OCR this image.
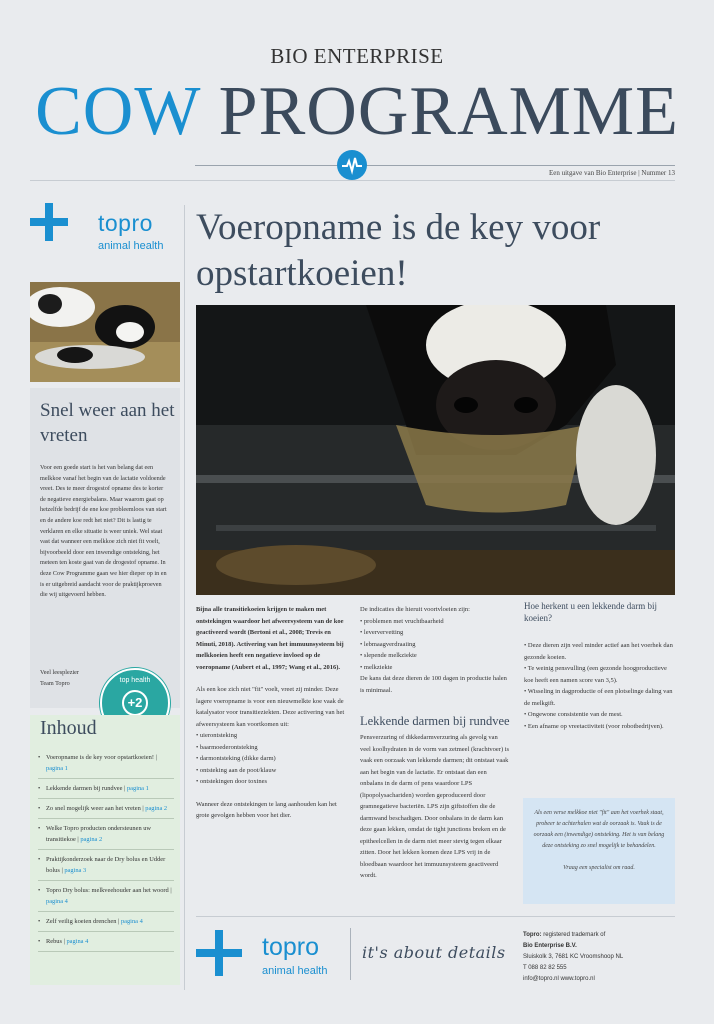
BIO ENTERPRISE
COW PROGRAMME
Een uitgave van Bio Enterprise | Nummer 13
topro
animal health
Snel weer aan het vreten
Voor een goede start is het van belang dat een melkkoe vanaf het begin van de lactatie voldoende vreet. Des te meer drogestof opname des te korter de negatieve energiebalans. Maar waarom gaat op hetzelfde bedrijf de ene koe probleemloos van start en de andere koe redt het niet? Dit is lastig te verklaren en elke situatie is weer uniek. Wel staat vast dat wanneer een melkkoe zich niet fit voelt, bijvoorbeeld door een inwendige ontsteking, het meteen ten koste gaat van de drogestof opname. In deze Cow Programme gaan we hier dieper op in en is er uitgebreid aandacht voor de praktijkproeven die wij uitgevoerd hebben.
Veel leesplezier
Team Topro	top health
+2
Inhoud
• Voeropname is de key voor opstartkoeien! | pagina 1
• Lekkende darmen bij rundvee | pagina 1
• Zo snel mogelijk weer aan het vreten | pagina 2
• Welke Topro producten ondersteunen uw transitiekoe | pagina 2
• Praktijkonderzoek naar de Dry bolus en Udder bolus | pagina 3
• Topro Dry bolus: melkveehouder aan het woord | pagina 4
• Zelf veilig koeien drenchen | pagina 4
• Rebus | pagina 4
Voeropname is de key voor opstartkoeien!
Bijna alle transitiekoeien krijgen te maken met ontstekingen waardoor het afweersysteem van de koe geactiveerd wordt (Bertoni et al., 2008; Trevis en Minuti, 2018). Activering van het immuunsysteem bij melkkoeien heeft een negatieve invloed op de voeropname (Aubert et al., 1997; Wang et al., 2016).
Als een koe zich niet "fit" voelt, vreet zij minder. Deze lagere voeropname is voor een nieuwmelkte koe vaak de katalysator voor transitieziekten. Deze activering van het afweersysteem kan voortkomen uit:
• uierontsteking
• baarmoederontsteking
• darmontsteking (dikke darm)
• ontsteking aan de poot/klauw
• ontstekingen door toxines
Wanneer deze ontstekingen te lang aanhouden kan het grote gevolgen hebben voor het dier.
De indicaties die hieruit voortvloeien zijn:
• problemen met vruchtbaarheid
• leververvetting
• lebmaagverdraaiing
• slepende melkziekte
• melkziekte
De kans dat deze dieren de 100 dagen in productie halen is minimaal.
Lekkende darmen bij rundvee
Pensverzuring of dikkedarmverzuring als gevolg van veel koolhydraten in de vorm van zetmeel (krachtvoer) is vaak een oorzaak van lekkende darmen; dit ontstaat vaak aan het begin van de lactatie. Er ontstaat dan een onbalans in de darm of pens waardoor LPS (lipopolysachariden) worden geproduceerd door gramnegatieve bacteriën. LPS zijn giftstoffen die de darmwand beschadigen. Door onbalans in de darm kan deze gaan lekken, omdat de tight junctions breken en de epitheelcellen in de darm niet meer stevig tegen elkaar zitten. Door het lekken komen deze LPS vrij in de bloedbaan waardoor het immuunsysteem geactiveerd wordt.
Hoe herkent u een lekkende darm bij koeien?
• Deze dieren zijn veel minder actief aan het voerhek dan gezonde koeien.
• Te weinig pensvulling (een gezonde hoogproductieve koe heeft een namen score van 3,5).
• Wisseling in dagproductie of een plotselinge daling van de melkgift.
• Ongewone consistentie van de mest.
• Een afname op vreetactiviteit (voor robotbedrijven).
Als een verse melkkoe niet "fit" aan het voerhek staat, probeer te achterhalen wat de oorzaak is. Vaak is de oorzaak een (inwendige) ontsteking. Het is van belang deze ontsteking zo snel mogelijk te behandelen.
Vraag een specialist om raad.
topro
animal health
it's about details
Topro: registered trademark of
Bio Enterprise B.V.
Sluiskolk 3, 7681 KC Vroomshoop NL
T 088 82 82 555
info@topro.nl www.topro.nl
